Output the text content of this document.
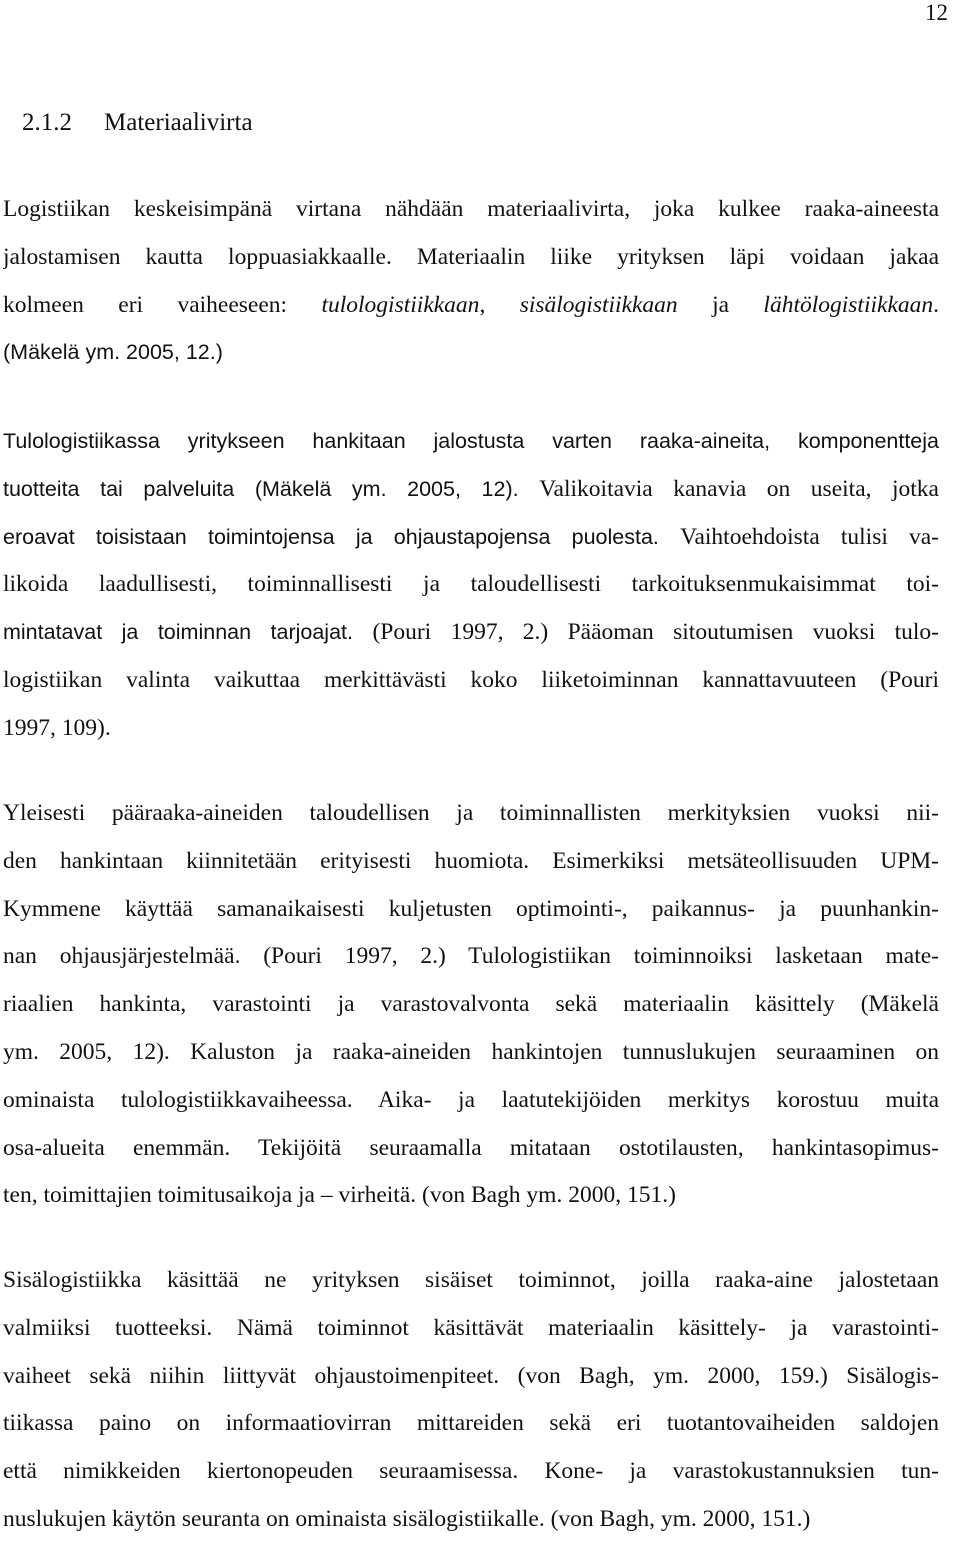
12
2.1.2 Materiaalivirta

Logistiikan keskeisimpänä virtana nähdään materiaalivirta, joka kulkee raaka-aineesta
jalostamisen kautta loppuasiakkaalle. Materiaalin liike yrityksen läpi voidaan jakaa
kolmeen eri vaiheeseen: tulologistiikkaan, sisälogistiikkaan ja lähtölogistiikkaan.
(Mäkelä ym. 2005, 12.)

Tulologistiikassa yritykseen hankitaan jalostusta varten raaka-aineita, komponentteja
tuotteita tai palveluita (Mäkelä ym. 2005, 12). Valikoitavia kanavia on useita, jotka
eroavat toisistaan toimintojensa ja ohjaustapojensa puolesta. Vaihtoehdoista tulisi va-
likoida laadullisesti, toiminnallisesti ja taloudellisesti tarkoituksenmukaisimmat toi-
mintatavat ja toiminnan tarjoajat. (Pouri 1997, 2.) Pääoman sitoutumisen vuoksi tulo-
logistiikan valinta vaikuttaa merkittävästi koko liiketoiminnan kannattavuuteen (Pouri
1997, 109).

Yleisesti pääraaka-aineiden taloudellisen ja toiminnallisten merkityksien vuoksi nii-
den hankintaan kiinnitetään erityisesti huomiota. Esimerkiksi metsäteollisuuden UPM-
Kymmene käyttää samanaikaisesti kuljetusten optimointi-, paikannus- ja puunhankin-
nan ohjausjärjestelmää. (Pouri 1997, 2.) Tulologistiikan toiminnoiksi lasketaan mate-
riaalien hankinta, varastointi ja varastovalvonta sekä materiaalin käsittely (Mäkelä
ym. 2005, 12). Kaluston ja raaka-aineiden hankintojen tunnuslukujen seuraaminen on
ominaista tulologistiikkavaiheessa. Aika- ja laatutekijöiden merkitys korostuu muita
osa-alueita enemmän. Tekijöitä seuraamalla mitataan ostotilausten, hankintasopimus-
ten, toimittajien toimitusaikoja ja – virheitä. (von Bagh ym. 2000, 151.)

Sisälogistiikka käsittää ne yrityksen sisäiset toiminnot, joilla raaka-aine jalostetaan
valmiiksi tuotteeksi. Nämä toiminnot käsittävät materiaalin käsittely- ja varastointi-
vaiheet sekä niihin liittyvät ohjaustoimenpiteet. (von Bagh, ym. 2000, 159.) Sisälogis-
tiikassa paino on informaatiovirran mittareiden sekä eri tuotantovaiheiden saldojen
että nimikkeiden kiertonopeuden seuraamisessa. Kone- ja varastokustannuksien tun-
nuslukujen käytön seuranta on ominaista sisälogistiikalle. (von Bagh, ym. 2000, 151.)
